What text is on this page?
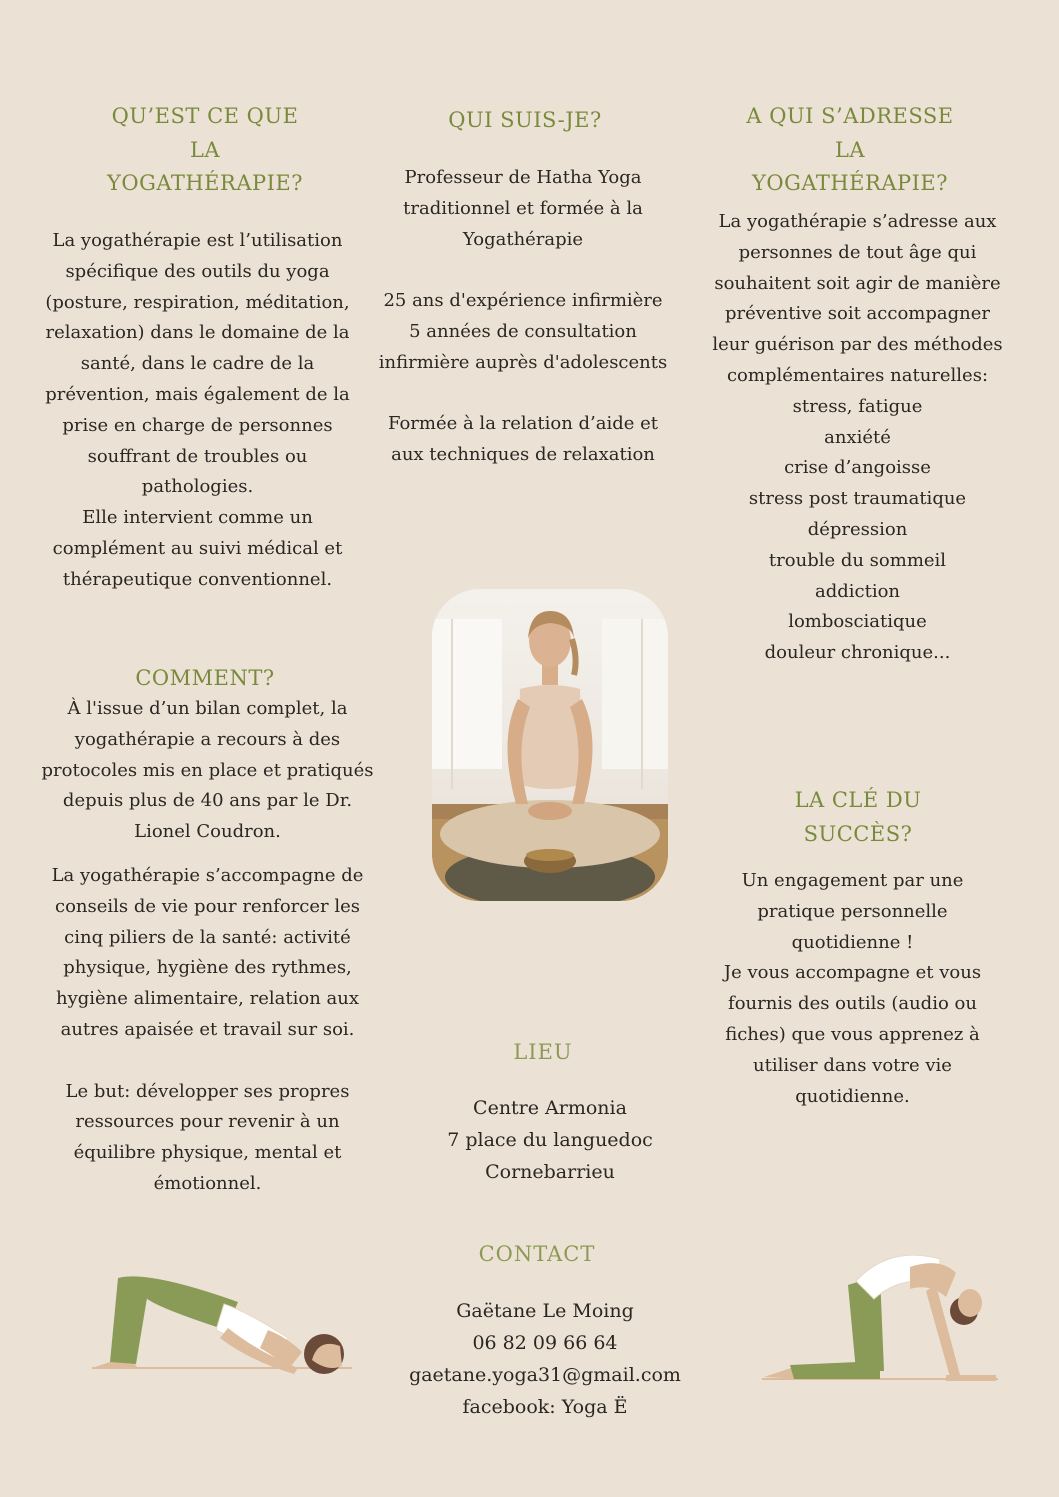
QU’EST CE QUE
LA
YOGATHÉRAPIE?
La yogathérapie est l’utilisation
spécifique des outils du yoga
(posture, respiration, méditation,
relaxation) dans le domaine de la
santé, dans le cadre de la
prévention, mais également de la
prise en charge de personnes
souffrant de troubles ou
pathologies.
Elle intervient comme un
complément au suivi médical et
thérapeutique conventionnel.
COMMENT?
À l'issue d’un bilan complet, la
yogathérapie a recours à des
protocoles mis en place et pratiqués
depuis plus de 40 ans par le Dr.
Lionel Coudron.
La yogathérapie s’accompagne de
conseils de vie pour renforcer les
cinq piliers de la santé: activité
physique, hygiène des rythmes,
hygiène alimentaire, relation aux
autres apaisée et travail sur soi.

Le but: développer ses propres
ressources pour revenir à un
équilibre physique, mental et
émotionnel.
QUI SUIS-JE?
Professeur de Hatha Yoga
traditionnel et formée à la
Yogathérapie

25 ans d'expérience infirmière
5 années de consultation
infirmière auprès d'adolescents

Formée à la relation d’aide et
aux techniques de relaxation
LIEU
Centre Armonia
7 place du languedoc
Cornebarrieu
CONTACT
Gaëtane Le Moing
06 82 09 66 64
gaetane.yoga31@gmail.com
facebook: Yoga Ë
A QUI S’ADRESSE
LA
YOGATHÉRAPIE?
La yogathérapie s’adresse aux
personnes de tout âge qui
souhaitent soit agir de manière
préventive soit accompagner
leur guérison par des méthodes
complémentaires naturelles:
stress, fatigue
anxiété
crise d’angoisse
stress post traumatique
dépression
trouble du sommeil
addiction
lombosciatique
douleur chronique...
LA CLÉ DU
SUCCÈS?
Un engagement par une
pratique personnelle
quotidienne !
Je vous accompagne et vous
fournis des outils (audio ou
fiches) que vous apprenez à
utiliser dans votre vie
quotidienne.
